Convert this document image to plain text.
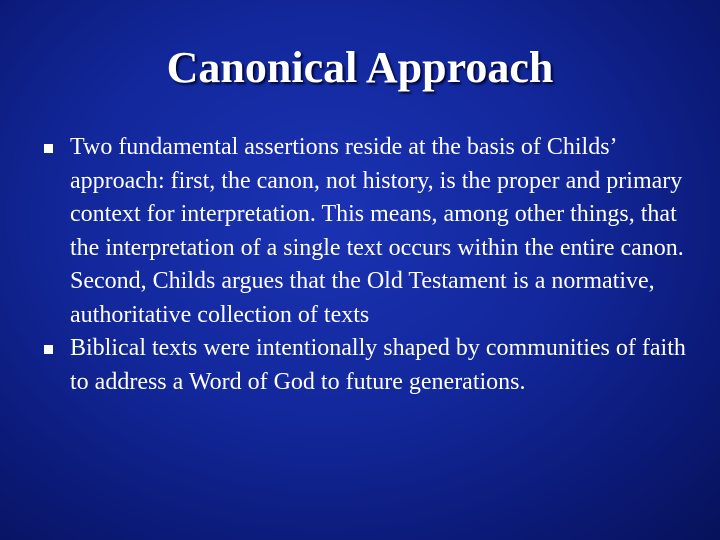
Canonical Approach
Two fundamental assertions reside at the basis of Childs’ approach: first, the canon, not history, is the proper and primary context for interpretation. This means, among other things, that the interpretation of a single text occurs within the entire canon. Second, Childs argues that the Old Testament is a normative, authoritative collection of texts
Biblical texts were intentionally shaped by communities of faith to address a Word of God to future generations.
